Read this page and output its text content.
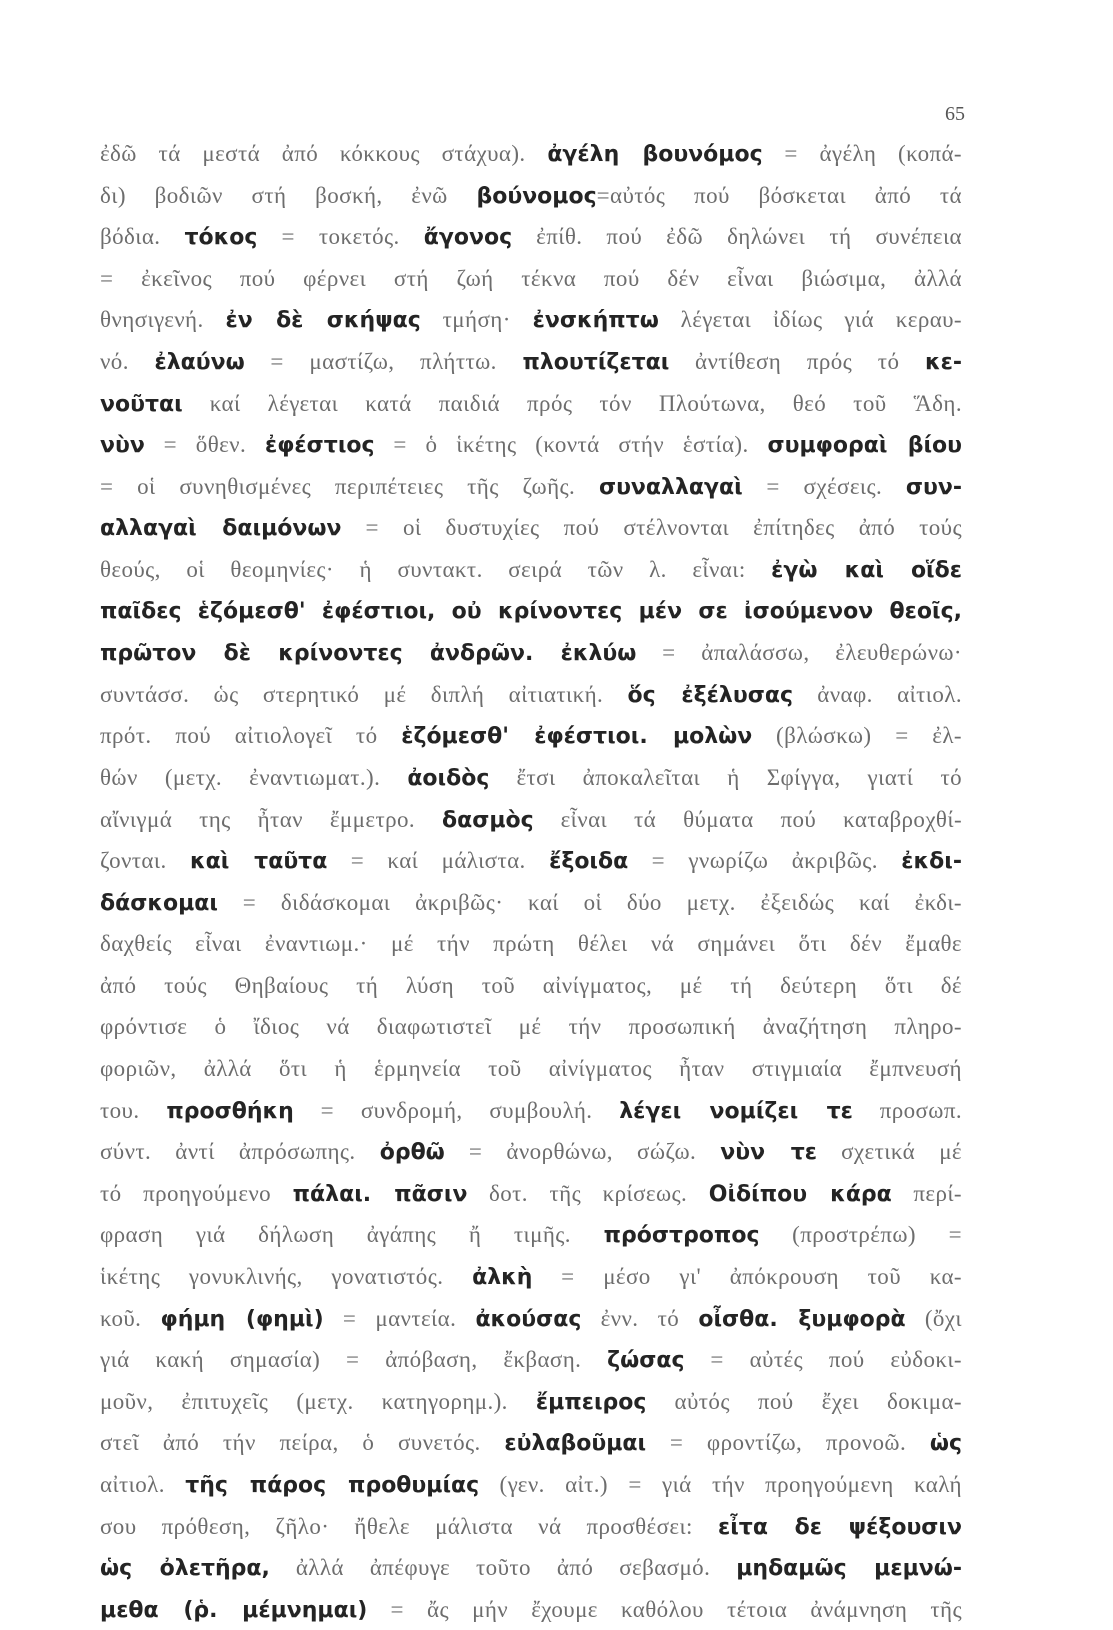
65
ἐδῶ τά μεστά ἀπό κόκκους στάχυα). ἀγέλη βουνόμος = ἀγέλη (κοπά-
δι) βοδιῶν στή βοσκή, ἐνῶ βούνομος=αὐτός πού βόσκεται ἀπό τά
βόδια. τόκος = τοκετός. ἄγονος ἐπίθ. πού ἐδῶ δηλώνει τή συνέπεια
= ἐκεῖνος πού φέρνει στή ζωή τέκνα πού δέν εἶναι βιώσιμα, ἀλλά
θνησιγενή. ἐν δὲ σκήψας τμήση· ἐνσκήπτω λέγεται ἰδίως γιά κεραυ-
νό. ἐλαύνω = μαστίζω, πλήττω. πλουτίζεται ἀντίθεση πρός τό κε-
νοῦται καί λέγεται κατά παιδιά πρός τόν Πλούτωνα, θεό τοῦ Ἅδη.
νὺν = ὅθεν. ἐφέστιος = ὁ ἱκέτης (κοντά στήν ἑστία). συμφοραὶ βίου
= οἱ συνηθισμένες περιπέτειες τῆς ζωῆς. συναλλαγαὶ = σχέσεις. συν-
αλλαγαὶ δαιμόνων = οἱ δυστυχίες πού στέλνονται ἐπίτηδες ἀπό τούς
θεούς, οἱ θεομηνίες· ἡ συντακτ. σειρά τῶν λ. εἶναι: ἐγὼ καὶ οἵδε
παῖδες ἑζόμεσθ' ἐφέστιοι, οὐ κρίνοντες μέν σε ἰσούμενον θεοῖς,
πρῶτον δὲ κρίνοντες ἀνδρῶν. ἐκλύω = ἀπαλάσσω, ἐλευθερώνω·
συντάσσ. ὡς στερητικό μέ διπλή αἰτιατική. ὅς ἐξέλυσας ἀναφ. αἰτιολ.
πρότ. πού αἰτιολογεῖ τό ἑζόμεσθ' ἐφέστιοι. μολὼν (βλώσκω) = ἐλ-
θών (μετχ. ἐναντιωματ.). ἀοιδὸς ἔτσι ἀποκαλεῖται ἡ Σφίγγα, γιατί τό
αἴνιγμά της ἦταν ἔμμετρο. δασμὸς εἶναι τά θύματα πού καταβροχθί-
ζονται. καὶ ταῦτα = καί μάλιστα. ἔξοιδα = γνωρίζω ἀκριβῶς. ἐκδι-
δάσκομαι = διδάσκομαι ἀκριβῶς· καί οἱ δύο μετχ. ἐξειδώς καί ἐκδι-
δαχθείς εἶναι ἐναντιωμ.· μέ τήν πρώτη θέλει νά σημάνει ὅτι δέν ἔμαθε
ἀπό τούς Θηβαίους τή λύση τοῦ αἰνίγματος, μέ τή δεύτερη ὅτι δέ
φρόντισε ὁ ἴδιος νά διαφωτιστεῖ μέ τήν προσωπική ἀναζήτηση πληρο-
φοριῶν, ἀλλά ὅτι ἡ ἑρμηνεία τοῦ αἰνίγματος ἦταν στιγμιαία ἔμπνευσή
του. προσθήκη = συνδρομή, συμβουλή. λέγει νομίζει τε προσωπ.
σύντ. ἀντί ἀπρόσωπης. ὀρθῶ = ἀνορθώνω, σώζω. νὺν τε σχετικά μέ
τό προηγούμενο πάλαι. πᾶσιν δοτ. τῆς κρίσεως. Οἰδίπου κάρα περί-
φραση γιά δήλωση ἀγάπης ἤ τιμῆς. πρόστροπος (προστρέπω) =
ἱκέτης γονυκλινής, γονατιστός. ἀλκὴ = μέσο γι' ἀπόκρουση τοῦ κα-
κοῦ. φήμη (φημὶ) = μαντεία. ἀκούσας ἐνν. τό οἶσθα. ξυμφορὰ (ὄχι
γιά κακή σημασία) = ἀπόβαση, ἔκβαση. ζώσας = αὐτές πού εὐδοκι-
μοῦν, ἐπιτυχεῖς (μετχ. κατηγορημ.). ἔμπειρος αὐτός πού ἔχει δοκιμα-
στεῖ ἀπό τήν πείρα, ὁ συνετός. εὐλαβοῦμαι = φροντίζω, προνοῶ. ὡς
αἰτιολ. τῆς πάρος προθυμίας (γεν. αἰτ.) = γιά τήν προηγούμενη καλή
σου πρόθεση, ζῆλο· ἤθελε μάλιστα νά προσθέσει: εἶτα δε ψέξουσιν
ὡς ὀλετῆρα, ἀλλά ἀπέφυγε τοῦτο ἀπό σεβασμό. μηδαμῶς μεμνώ-
μεθα (ῥ. μέμνημαι) = ἄς μήν ἔχουμε καθόλου τέτοια ἀνάμνηση τῆς
